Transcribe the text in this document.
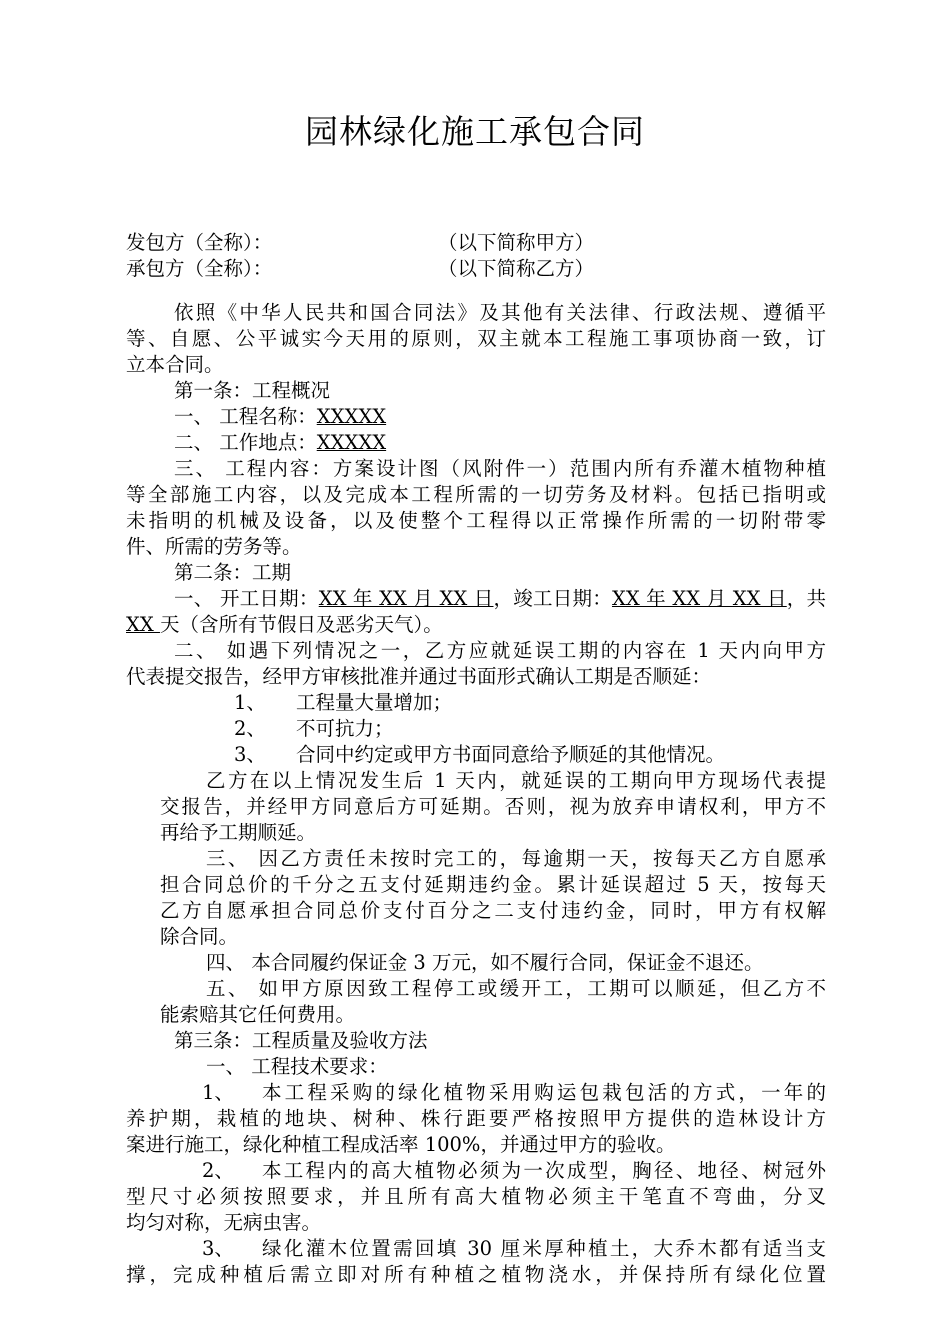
园林绿化施工承包合同
发包方（全称）：	（以下简称甲方）
承包方（全称）：	（以下简称乙方）
依照《中华人民共和国合同法》及其他有关法律、行政法规、遵循平
等、自愿、公平诚实今天用的原则，双主就本工程施工事项协商一致，订
立本合同。
第一条：工程概况
一、 工程名称：XXXXX
二、 工作地点：XXXXX
三、 工程内容：方案设计图（风附件一）范围内所有乔灌木植物种植
等全部施工内容，以及完成本工程所需的一切劳务及材料。包括已指明或
未指明的机械及设备，以及使整个工程得以正常操作所需的一切附带零
件、所需的劳务等。
第二条：工期
一、 开工日期：XX 年 XX 月 XX 日，竣工日期：XX 年 XX 月 XX 日，共
XX 天（含所有节假日及恶劣天气）。
二、 如遇下列情况之一，乙方应就延误工期的内容在 1 天内向甲方
代表提交报告，经甲方审核批准并通过书面形式确认工期是否顺延：
1、 工程量大量增加；
2、 不可抗力；
3、 合同中约定或甲方书面同意给予顺延的其他情况。
乙方在以上情况发生后 1 天内，就延误的工期向甲方现场代表提
交报告，并经甲方同意后方可延期。否则，视为放弃申请权利，甲方不
再给予工期顺延。
三、 因乙方责任未按时完工的，每逾期一天，按每天乙方自愿承
担合同总价的千分之五支付延期违约金。累计延误超过 5 天，按每天
乙方自愿承担合同总价支付百分之二支付违约金，同时，甲方有权解
除合同。
四、 本合同履约保证金 3 万元，如不履行合同，保证金不退还。
五、 如甲方原因致工程停工或缓开工，工期可以顺延，但乙方不
能索赔其它任何费用。
第三条：工程质量及验收方法
一、 工程技术要求：
1、 本工程采购的绿化植物采用购运包栽包活的方式，一年的
养护期，栽植的地块、树种、株行距要严格按照甲方提供的造林设计方
案进行施工，绿化种植工程成活率 100%，并通过甲方的验收。
2、 本工程内的高大植物必须为一次成型，胸径、地径、树冠外
型尺寸必须按照要求，并且所有高大植物必须主干笔直不弯曲，分叉
均匀对称，无病虫害。
3、 绿化灌木位置需回填 30 厘米厚种植土，大乔木都有适当支
撑，完成种植后需立即对所有种植之植物浇水，并保持所有绿化位置
